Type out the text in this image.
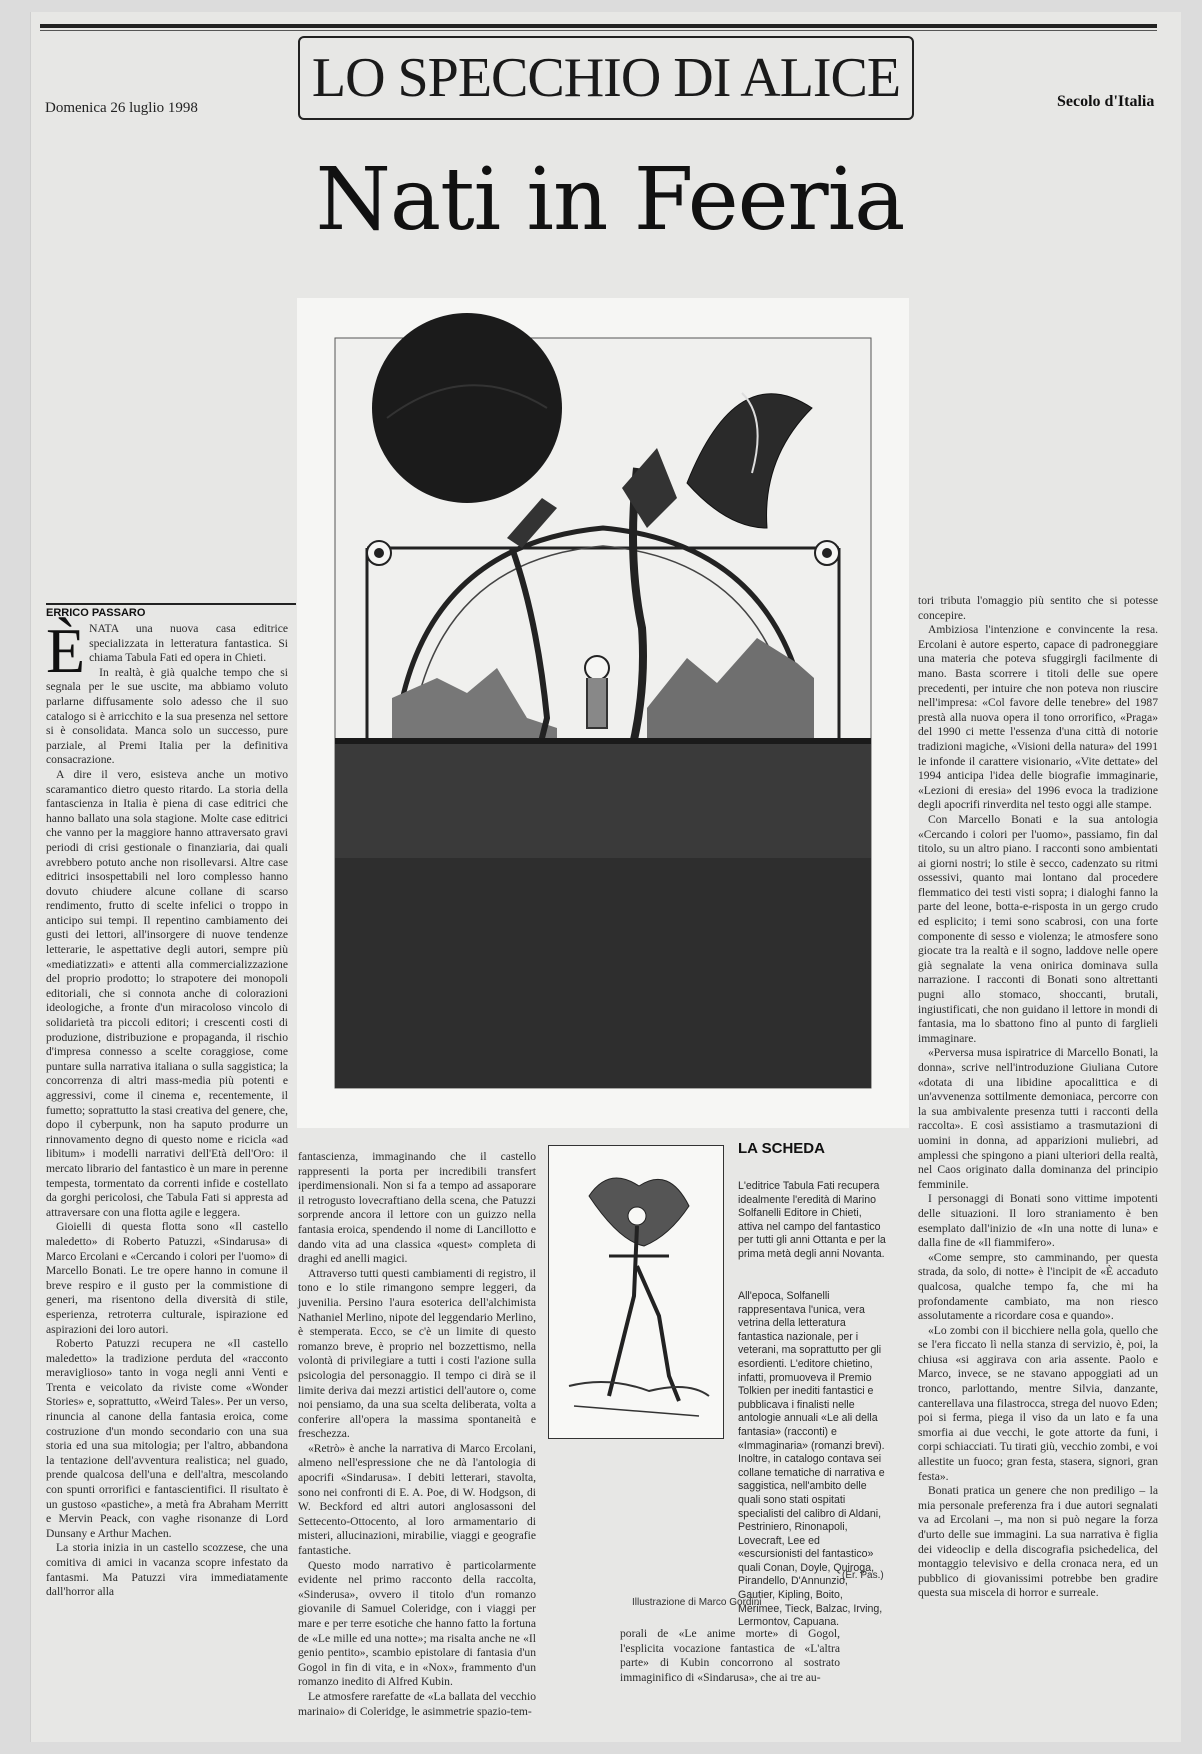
Domenica 26 luglio 1998 LO SPECCHIO DI ALICE	Secolo d'Italia
Nati in Feeria
ERRICO PASSARO
È NATA una nuova casa editrice specializzata in letteratura fantastica. Si chiama Tabula Fati ed opera in Chieti.

In realtà, è già qualche tempo che si segnala per le sue uscite, ma abbiamo voluto parlarne diffusamente solo adesso che il suo catalogo si è arricchito e la sua presenza nel settore si è consolidata. Manca solo un successo, pure parziale, al Premi Italia per la definitiva consacrazione.

A dire il vero, esisteva anche un motivo scaramantico dietro questo ritardo. La storia della fantascienza in Italia è piena di case editrici che hanno ballato una sola stagione. Molte case editrici che vanno per la maggiore hanno attraversato gravi periodi di crisi gestionale o finanziaria, dai quali avrebbero potuto anche non risollevarsi. Altre case editrici insospettabili nel loro complesso hanno dovuto chiudere alcune collane di scarso rendimento, frutto di scelte infelici o troppo in anticipo sui tempi. Il repentino cambiamento dei gusti dei lettori, all'insorgere di nuove tendenze letterarie, le aspettative degli autori, sempre più «mediatizzati» e attenti alla commercializzazione del proprio prodotto; lo strapotere dei monopoli editoriali, che si connota anche di colorazioni ideologiche, a fronte d'un miracoloso vincolo di solidarietà tra piccoli editori; i crescenti costi di produzione, distribuzione e propaganda, il rischio d'impresa connesso a scelte coraggiose, come puntare sulla narrativa italiana o sulla saggistica; la concorrenza di altri mass-media più potenti e aggressivi, come il cinema e, recentemente, il fumetto; soprattutto la stasi creativa del genere, che, dopo il cyberpunk, non ha saputo produrre un rinnovamento degno di questo nome e ricicla «ad libitum» i modelli narrativi dell'Età dell'Oro: il mercato librario del fantastico è un mare in perenne tempesta, tormentato da correnti infide e costellato da gorghi pericolosi, che Tabula Fati si appresta ad attraversare con una flotta agile e leggera.

Gioielli di questa flotta sono «Il castello maledetto» di Roberto Patuzzi, «Sindarusa» di Marco Ercolani e «Cercando i colori per l'uomo» di Marcello Bonati. Le tre opere hanno in comune il breve respiro e il gusto per la commistione di generi, ma risentono della diversità di stile, esperienza, retroterra culturale, ispirazione ed aspirazioni dei loro autori.

Roberto Patuzzi recupera ne «Il castello maledetto» la tradizione perduta del «racconto meraviglioso» tanto in voga negli anni Venti e Trenta e veicolato da riviste come «Wonder Stories» e, soprattutto, «Weird Tales». Per un verso, rinuncia al canone della fantasia eroica, come costruzione d'un mondo secondario con una sua storia ed una sua mitologia; per l'altro, abbandona la tentazione dell'avventura realistica; nel guado, prende qualcosa dell'una e dell'altra, mescolando con spunti orrorifici e fantascientifici. Il risultato è un gustoso «pastiche», a metà fra Abraham Merritt e Mervin Peack, con vaghe risonanze di Lord Dunsany e Arthur Machen.

La storia inizia in un castello scozzese, che una comitiva di amici in vacanza scopre infestato da fantasmi. Ma Patuzzi vira immediatamente dall'horror alla

fantascienza, immaginando che il castello rappresenti la porta per incredibili transfert iperdimensionali. Non si fa a tempo ad assaporare il retrogusto lovecraftiano della scena, che Patuzzi sorprende ancora il lettore con un guizzo nella fantasia eroica, spendendo il nome di Lancillotto e dando vita ad una classica «quest» completa di draghi ed anelli magici.

Attraverso tutti questi cambiamenti di registro, il tono e lo stile rimangono sempre leggeri, da juvenilia. Persino l'aura esoterica dell'alchimista Nathaniel Merlino, nipote del leggendario Merlino, è stemperata. Ecco, se c'è un limite di questo romanzo breve, è proprio nel bozzettismo, nella volontà di privilegiare a tutti i costi l'azione sulla psicologia del personaggio. Il tempo ci dirà se il limite deriva dai mezzi artistici dell'autore o, come noi pensiamo, da una sua scelta deliberata, volta a conferire all'opera la massima spontaneità e freschezza.

«Retrò» è anche la narrativa di Marco Ercolani, almeno nell'espressione che ne dà l'antologia di apocrifi «Sindarusa». I debiti letterari, stavolta, sono nei confronti di E. A. Poe, di W. Hodgson, di W. Beckford ed altri autori anglosassoni del Settecento-Ottocento, al loro armamentario di misteri, allucinazioni, mirabilie, viaggi e geografie fantastiche.

Questo modo narrativo è particolarmente evidente nel primo racconto della raccolta, «Sinderusa», ovvero il titolo d'un romanzo giovanile di Samuel Coleridge, con i viaggi per mare e per terre esotiche che hanno fatto la fortuna de «Le mille ed una notte»; ma risalta anche ne «Il genio pentito», scambio epistolare di fantasia d'un Gogol in fin di vita, e in «Nox», frammento d'un romanzo inedito di Alfred Kubin.

Le atmosfere rarefatte de «La ballata del vecchio marinaio» di Coleridge, le asimmetrie spazio-tem-

LA SCHEDA

L'editrice Tabula Fati recupera idealmente l'eredità di Marino Solfanelli Editore in Chieti, attiva nel campo del fantastico per tutti gli anni Ottanta e per la prima metà degli anni Novanta.

All'epoca, Solfanelli rappresentava l'unica, vera vetrina della letteratura fantastica nazionale, per i veterani, ma soprattutto per gli esordienti. L'editore chietino, infatti, promuoveva il Premio Tolkien per inediti fantastici e pubblicava i finalisti nelle antologie annuali «Le ali della fantasia» (racconti) e «Immaginaria» (romanzi brevi). Inoltre, in catalogo contava sei collane tematiche di narrativa e saggistica, nell'ambito delle quali sono stati ospitati specialisti del calibro di Aldani, Pestriniero, Rinonapoli, Lovecraft, Lee ed «escursionisti del fantastico» quali Conan, Doyle, Quiroga, Pirandello, D'Annunzio, Gautier, Kipling, Boito, Merimee, Tieck, Balzac, Irving, Lermontov, Capuana.

(Er. Pas.)
Illustrazione di Marco Gordini

porali de «Le anime morte» di Gogol, l'esplicita vocazione fantastica de «L'altra parte» di Kubin concorrono al sostrato immaginifico di «Sindarusa», che ai tre au-

tori tributa l'omaggio più sentito che si potesse concepire.

Ambiziosa l'intenzione e convincente la resa. Ercolani è autore esperto, capace di padroneggiare una materia che poteva sfuggirgli facilmente di mano. Basta scorrere i titoli delle sue opere precedenti, per intuire che non poteva non riuscire nell'impresa: «Col favore delle tenebre» del 1987 prestà alla nuova opera il tono orrorifico, «Praga» del 1990 ci mette l'essenza d'una città di notorie tradizioni magiche, «Visioni della natura» del 1991 le infonde il carattere visionario, «Vite dettate» del 1994 anticipa l'idea delle biografie immaginarie, «Lezioni di eresia» del 1996 evoca la tradizione degli apocrifi rinverdita nel testo oggi alle stampe.

Con Marcello Bonati e la sua antologia «Cercando i colori per l'uomo», passiamo, fin dal titolo, su un altro piano. I racconti sono ambientati ai giorni nostri; lo stile è secco, cadenzato su ritmi ossessivi, quanto mai lontano dal procedere flemmatico dei testi visti sopra; i dialoghi fanno la parte del leone, botta-e-risposta in un gergo crudo ed esplicito; i temi sono scabrosi, con una forte componente di sesso e violenza; le atmosfere sono giocate tra la realtà e il sogno, laddove nelle opere già segnalate la vena onirica dominava sulla narrazione. I racconti di Bonati sono altrettanti pugni allo stomaco, shoccanti, brutali, ingiustificati, che non guidano il lettore in mondi di fantasia, ma lo sbattono fino al punto di farglieli immaginare.

«Perversa musa ispiratrice di Marcello Bonati, la donna», scrive nell'introduzione Giuliana Cutore «dotata di una libidine apocalittica e di un'avvenenza sottilmente demoniaca, percorre con la sua ambivalente presenza tutti i racconti della raccolta». E così assistiamo a trasmutazioni di uomini in donna, ad apparizioni muliebri, ad amplessi che spingono a piani ulteriori della realtà, nel Caos originato dalla dominanza del principio femminile.

I personaggi di Bonati sono vittime impotenti delle situazioni. Il loro straniamento è ben esemplato dall'inizio de «In una notte di luna» e dalla fine de «Il fiammifero».

«Come sempre, sto camminando, per questa strada, da solo, di notte» è l'incipit de «È accaduto qualcosa, qualche tempo fa, che mi ha profondamente cambiato, ma non riesco assolutamente a ricordare cosa e quando».

«Lo zombi con il bicchiere nella gola, quello che se l'era ficcato lì nella stanza di servizio, è, poi, la chiusa «si aggirava con aria assente. Paolo e Marco, invece, se ne stavano appoggiati ad un tronco, parlottando, mentre Silvia, danzante, canterellava una filastrocca, strega del nuovo Eden; poi si ferma, piega il viso da un lato e fa una smorfia ai due vecchi, le gote attorte da funi, i corpi schiacciati. Tu tirati giù, vecchio zombi, e voi allestite un fuoco; gran festa, stasera, signori, gran festa».

Bonati pratica un genere che non prediligo – la mia personale preferenza fra i due autori segnalati va ad Ercolani –, ma non si può negare la forza d'urto delle sue immagini. La sua narrativa è figlia dei videoclip e della discografia psichedelica, del montaggio televisivo e della cronaca nera, ed un pubblico di giovanissimi potrebbe ben gradire questa sua miscela di horror e surreale.
